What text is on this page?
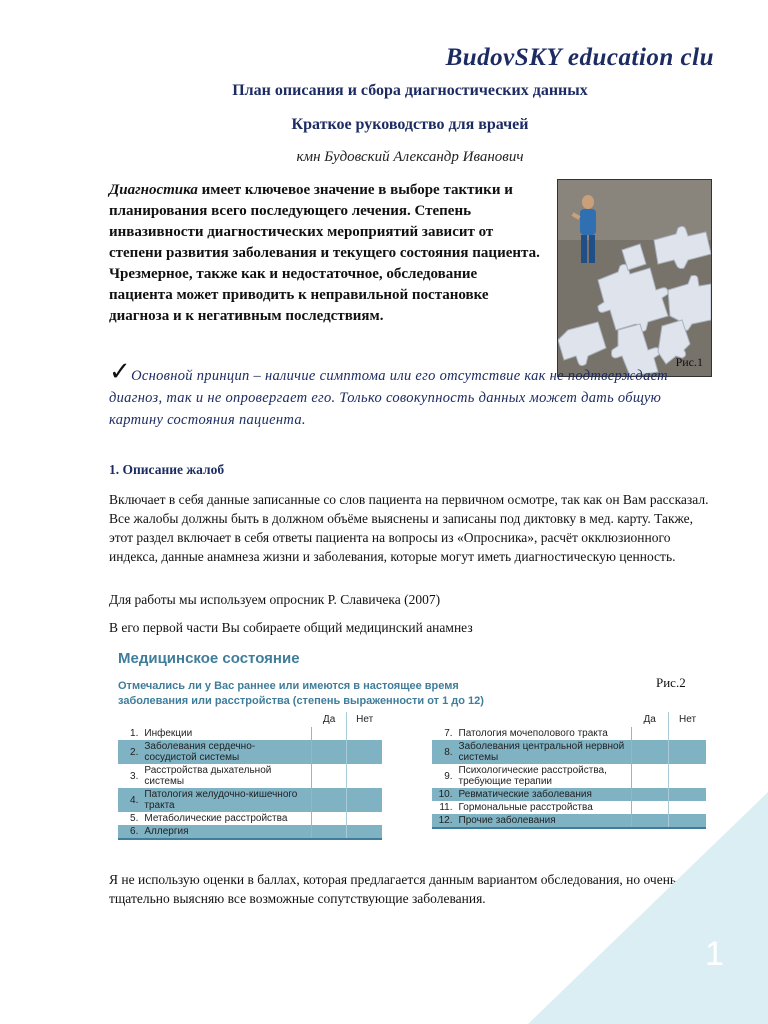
BudovSKY education clu
План описания и сбора диагностических данных
Краткое руководство для врачей
кмн Будовский Александр Иванович
Диагностика имеет ключевое значение в выборе тактики и планирования всего последующего лечения. Степень инвазивности диагностических мероприятий зависит от степени развития заболевания и текущего состояния пациента. Чрезмерное, также как и недостаточное, обследование пациента может приводить к неправильной постановке диагноза и к негативным последствиям.
Рис.1
✓Основной принцип – наличие симптома или его отсутствие как не подтверждает диагноз, так и не опровергает его. Только совокупность данных может дать общую картину состояния пациента.
1. Описание жалоб
Включает в себя данные записанные со слов пациента на первичном осмотре, так как он Вам рассказал. Все жалобы должны быть в должном объёме выяснены и записаны под диктовку в мед. карту. Также, этот раздел включает в себя ответы пациента на вопросы из «Опросника», расчёт окклюзионного индекса, данные анамнеза жизни и заболевания, которые могут иметь диагностическую ценность.
Для работы мы используем опросник Р. Славичека (2007)
В его первой части Вы собираете общий медицинский анамнез
Медицинское состояние
Отмечались ли у Вас раннее или имеются в настоящее время заболевания или расстройства (степень выраженности от 1 до 12)
Рис.2
		Да	Нет
1.	Инфекции		
2.	Заболевания сердечно-сосудистой системы		
3.	Расстройства дыхательной системы		
4.	Патология желудочно-кишечного тракта		
5.	Метаболические расстройства		
6.	Аллергия		
		Да	Нет
7.	Патология мочеполового тракта		
8.	Заболевания центральной нервной системы		
9.	Психологические расстройства, требующие терапии		
10.	Ревматические заболевания		
11.	Гормональные расстройства		
12.	Прочие заболевания		
Я не использую оценки в баллах, которая предлагается данным вариантом обследования, но очень тщательно выясняю все возможные сопутствующие заболевания.
1
